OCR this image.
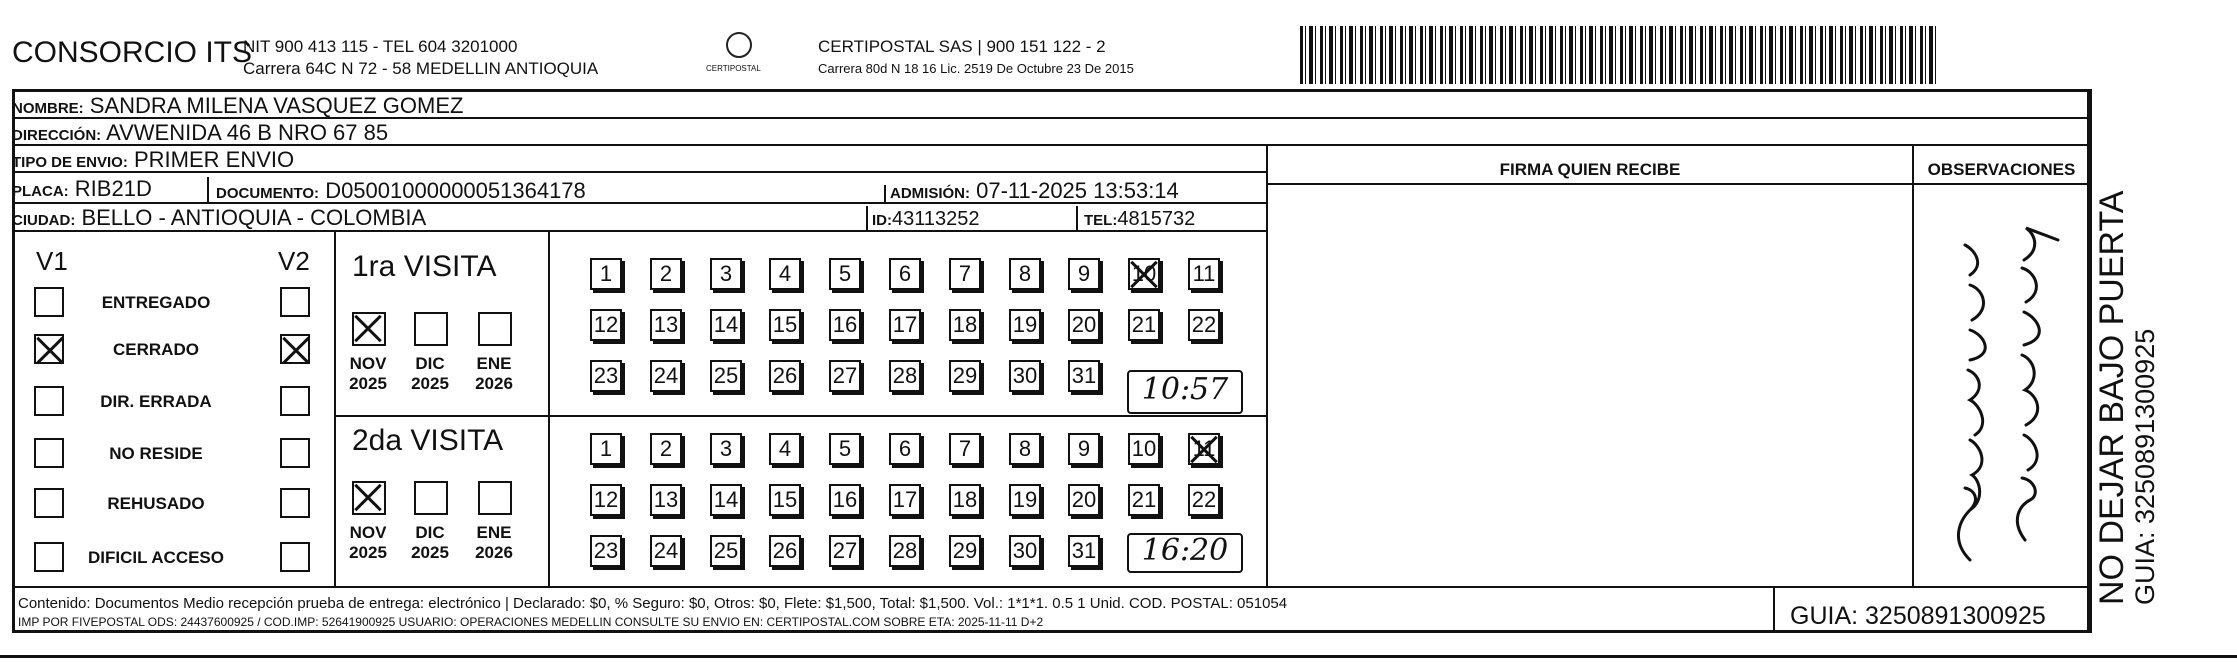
CONSORCIO ITS
NIT 900 413 115 - TEL 604 3201000
Carrera 64C N 72 - 58 MEDELLIN ANTIOQUIA	CERTIPOSTAL
CERTIPOSTAL SAS | 900 151 122 - 2
Carrera 80d N 18 16 Lic. 2519 De Octubre 23 De 2015
NOMBRE: SANDRA MILENA VASQUEZ GOMEZ
DIRECCIÓN: AVWENIDA 46 B NRO 67 85
TIPO DE ENVIO: PRIMER ENVIO
PLACA: RIB21D	DOCUMENTO: D05001000000051364178	ADMISIÓN: 07-11-2025 13:53:14
CIUDAD: BELLO - ANTIOQUIA - COLOMBIA	ID:43113252	TEL:4815732
FIRMA QUIEN RECIBE	OBSERVACIONES
V1	V2
ENTREGADO
CERRADO
DIR. ERRADA
NO RESIDE
REHUSADO
DIFICIL ACCESO
1ra VISITA
2da VISITA
NOV
2025
DIC
2025
ENE
2026
NOV
2025
DIC
2025
ENE
2026
1	2	3	4	5	6	7	8	9	10 11
12 13 14 15 16 17 18 19 20 21 22
23 24 25 26 27 28 29 30 31
1	2	3	4	5	6	7	8	9	10 11
12 13 14 15 16 17 18 19 20 21 22
23 24 25 26 27 28 29 30 31
10:57
16:20
Contenido: Documentos Medio recepción prueba de entrega: electrónico | Declarado: $0, % Seguro: $0, Otros: $0, Flete: $1,500, Total: $1,500. Vol.: 1*1*1. 0.5 1 Unid. COD. POSTAL: 051054
IMP POR FIVEPOSTAL ODS: 24437600925 / COD.IMP: 52641900925 USUARIO: OPERACIONES MEDELLIN CONSULTE SU ENVIO EN: CERTIPOSTAL.COM SOBRE ETA: 2025-11-11 D+2	GUIA: 3250891300925
NO DEJAR BAJO PUERTA GUIA: 3250891300925
